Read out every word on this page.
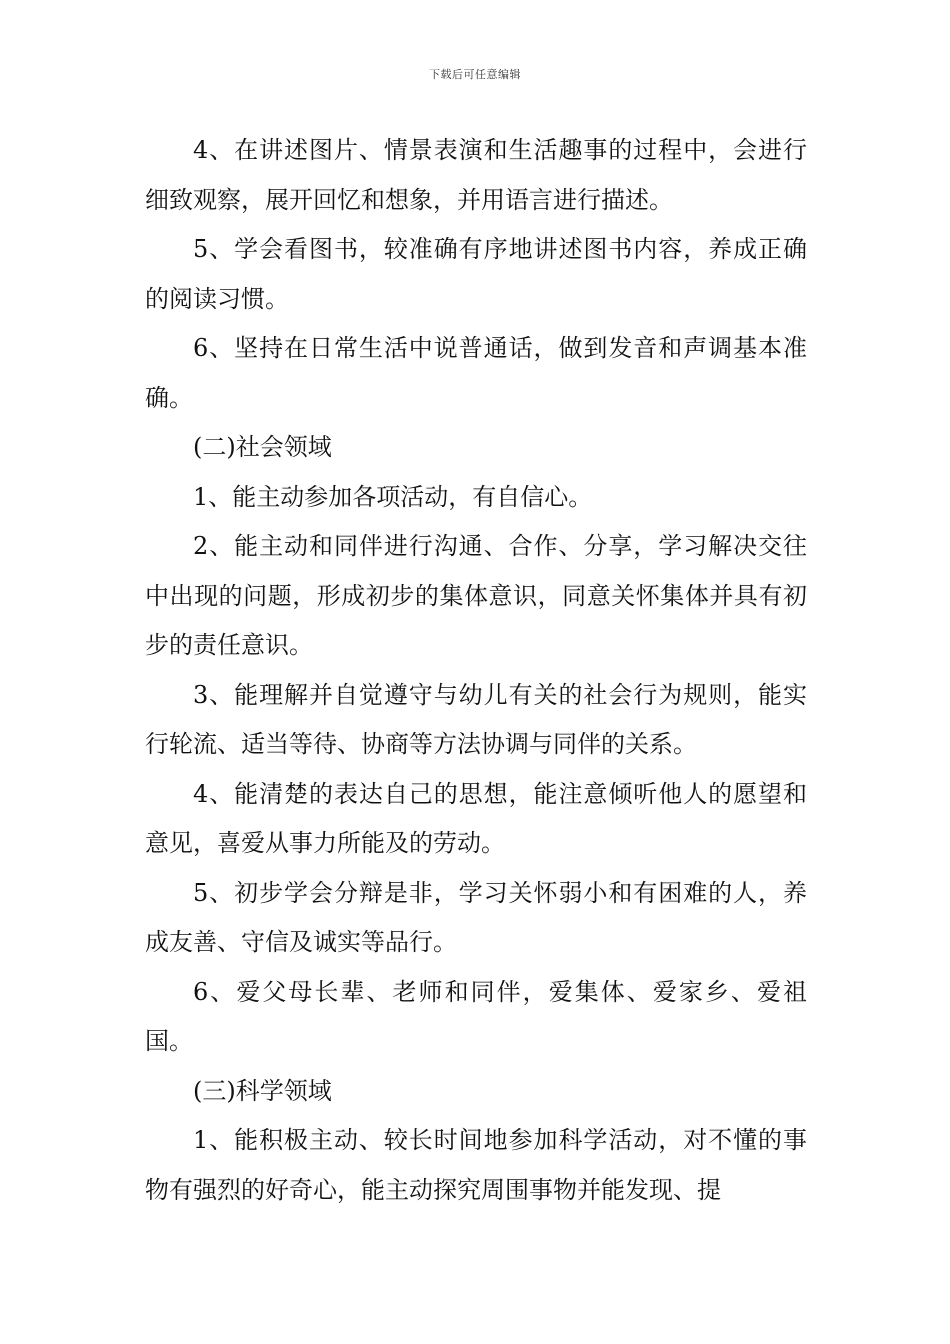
下载后可任意编辑

4、在讲述图片、情景表演和生活趣事的过程中，会进行细致观察，展开回忆和想象，并用语言进行描述。

5、学会看图书，较准确有序地讲述图书内容，养成正确的阅读习惯。

6、坚持在日常生活中说普通话，做到发音和声调基本准确。

(二)社会领域

1、能主动参加各项活动，有自信心。

2、能主动和同伴进行沟通、合作、分享，学习解决交往中出现的问题，形成初步的集体意识，同意关怀集体并具有初步的责任意识。

3、能理解并自觉遵守与幼儿有关的社会行为规则，能实行轮流、适当等待、协商等方法协调与同伴的关系。

4、能清楚的表达自己的思想，能注意倾听他人的愿望和意见，喜爱从事力所能及的劳动。

5、初步学会分辩是非，学习关怀弱小和有困难的人，养成友善、守信及诚实等品行。

6、爱父母长辈、老师和同伴，爱集体、爱家乡、爱祖国。

(三)科学领域

1、能积极主动、较长时间地参加科学活动，对不懂的事物有强烈的好奇心，能主动探究周围事物并能发现、提
